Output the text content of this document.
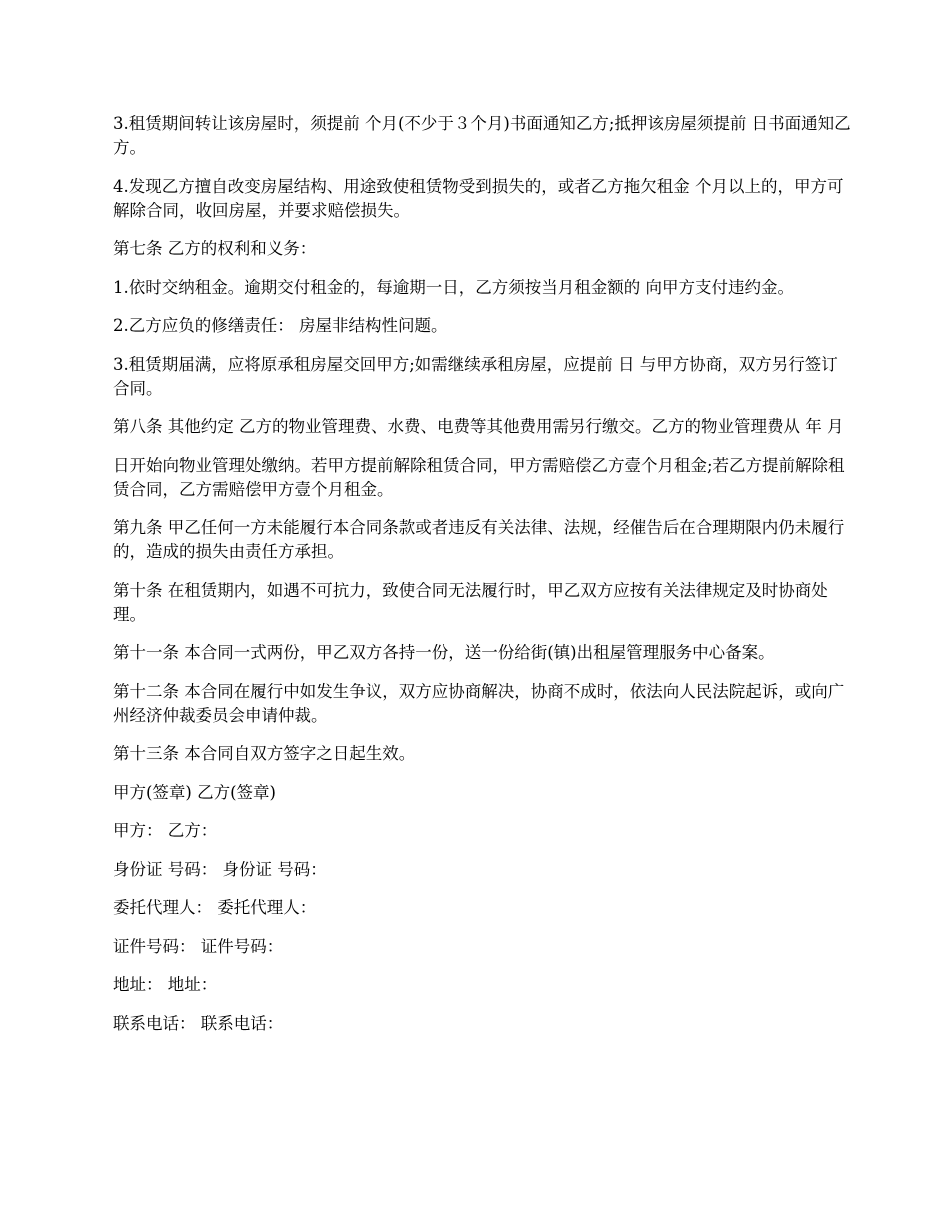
3.租赁期间转让该房屋时，须提前 个月(不少于３个月)书面通知乙方;抵押该房屋须提前 日书面通知乙方。

4.发现乙方擅自改变房屋结构、用途致使租赁物受到损失的，或者乙方拖欠租金 个月以上的，甲方可解除合同，收回房屋，并要求赔偿损失。

第七条 乙方的权利和义务：

1.依时交纳租金。逾期交付租金的，每逾期一日，乙方须按当月租金额的 向甲方支付违约金。

2.乙方应负的修缮责任： 房屋非结构性问题。

3.租赁期届满，应将原承租房屋交回甲方;如需继续承租房屋，应提前 日 与甲方协商，双方另行签订合同。

第八条 其他约定 乙方的物业管理费、水费、电费等其他费用需另行缴交。乙方的物业管理费从 年 月

日开始向物业管理处缴纳。若甲方提前解除租赁合同，甲方需赔偿乙方壹个月租金;若乙方提前解除租赁合同，乙方需赔偿甲方壹个月租金。

第九条 甲乙任何一方未能履行本合同条款或者违反有关法律、法规，经催告后在合理期限内仍未履行的，造成的损失由责任方承担。

第十条 在租赁期内，如遇不可抗力，致使合同无法履行时，甲乙双方应按有关法律规定及时协商处理。

第十一条 本合同一式两份，甲乙双方各持一份，送一份给街(镇)出租屋管理服务中心备案。

第十二条 本合同在履行中如发生争议，双方应协商解决，协商不成时，依法向人民法院起诉，或向广州经济仲裁委员会申请仲裁。

第十三条 本合同自双方签字之日起生效。

甲方(签章) 乙方(签章)

甲方： 乙方：

身份证 号码： 身份证 号码：

委托代理人： 委托代理人：

证件号码： 证件号码：

地址： 地址：

联系电话： 联系电话：
